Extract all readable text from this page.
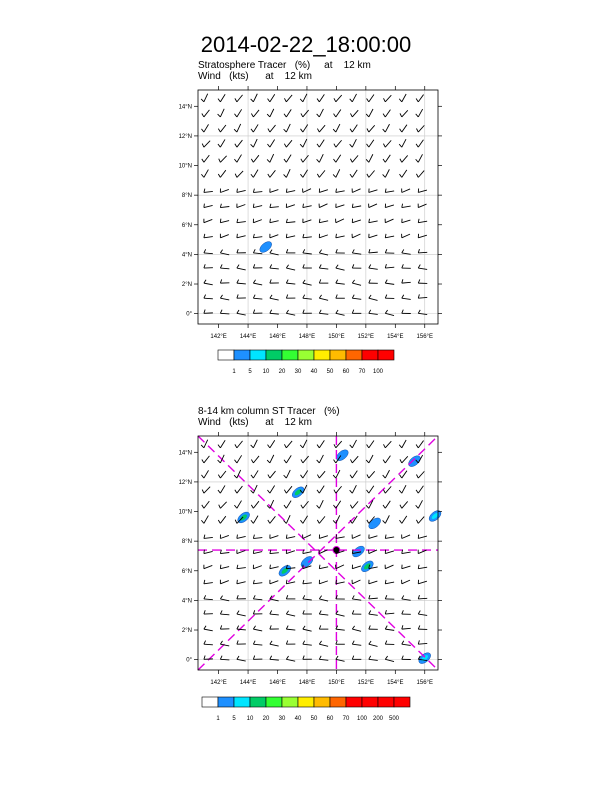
2014-02-22_18:00:00
Stratosphere Tracer   (%)     at    12 km
Wind   (kts)      at    12 km
8-14 km column ST Tracer   (%)
Wind   (kts)      at    12 km
142°E 144°E 146°E 148°E 150°E 152°E 154°E 156°E
0°
2°N
4°N
6°N
8°N
10°N
12°N
14°N
1 5 10 20 30 40 50 60 70 100
142°E 144°E 146°E 148°E 150°E 152°E 154°E 156°E
0°
2°N
4°N
6°N
8°N
10°N
12°N
14°N
1 5 10 20 30 40 50 60 70 100 200 500
